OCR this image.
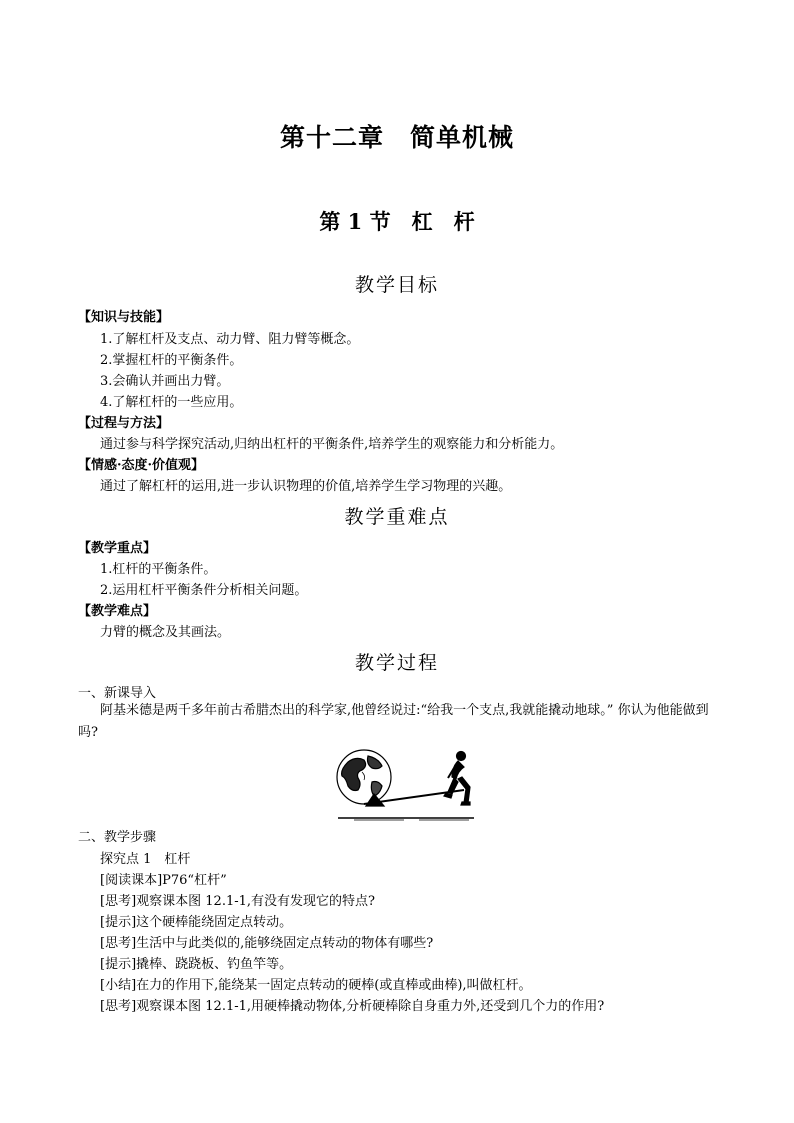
第十二章　简单机械
第 1 节　杠　杆
教学目标
【知识与技能】
1.了解杠杆及支点、动力臂、阻力臂等概念。
2.掌握杠杆的平衡条件。
3.会确认并画出力臂。
4.了解杠杆的一些应用。
【过程与方法】
通过参与科学探究活动,归纳出杠杆的平衡条件,培养学生的观察能力和分析能力。
【情感·态度·价值观】
通过了解杠杆的运用,进一步认识物理的价值,培养学生学习物理的兴趣。
教学重难点
【教学重点】
1.杠杆的平衡条件。
2.运用杠杆平衡条件分析相关问题。
【教学难点】
力臂的概念及其画法。
教学过程
一、新课导入
阿基米德是两千多年前古希腊杰出的科学家,他曾经说过:“给我一个支点,我就能撬动地球。” 你认为他能做到吗?
二、教学步骤
探究点 1　杠杆
[阅读课本]P76“杠杆”
[思考]观察课本图 12.1-1,有没有发现它的特点?
[提示]这个硬棒能绕固定点转动。
[思考]生活中与此类似的,能够绕固定点转动的物体有哪些?
[提示]撬棒、跷跷板、钓鱼竿等。
[小结]在力的作用下,能绕某一固定点转动的硬棒(或直棒或曲棒),叫做杠杆。
[思考]观察课本图 12.1-1,用硬棒撬动物体,分析硬棒除自身重力外,还受到几个力的作用?
